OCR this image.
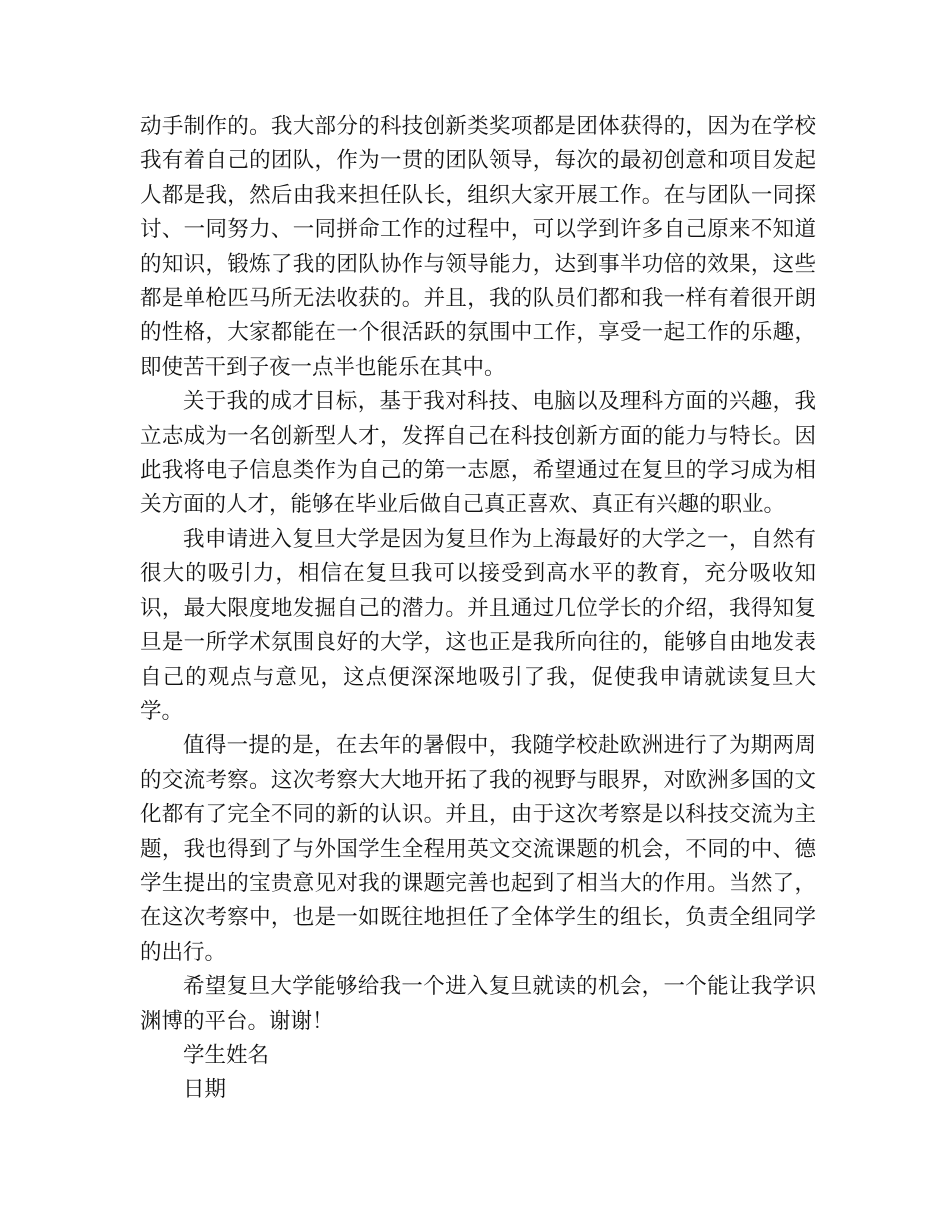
动手制作的。我大部分的科技创新类奖项都是团体获得的，因为在学校我有着自己的团队，作为一贯的团队领导，每次的最初创意和项目发起人都是我，然后由我来担任队长，组织大家开展工作。在与团队一同探讨、一同努力、一同拼命工作的过程中，可以学到许多自己原来不知道的知识，锻炼了我的团队协作与领导能力，达到事半功倍的效果，这些都是单枪匹马所无法收获的。并且，我的队员们都和我一样有着很开朗的性格，大家都能在一个很活跃的氛围中工作，享受一起工作的乐趣，即使苦干到子夜一点半也能乐在其中。

关于我的成才目标，基于我对科技、电脑以及理科方面的兴趣，我立志成为一名创新型人才，发挥自己在科技创新方面的能力与特长。因此我将电子信息类作为自己的第一志愿，希望通过在复旦的学习成为相关方面的人才，能够在毕业后做自己真正喜欢、真正有兴趣的职业。

我申请进入复旦大学是因为复旦作为上海最好的大学之一，自然有很大的吸引力，相信在复旦我可以接受到高水平的教育，充分吸收知识，最大限度地发掘自己的潜力。并且通过几位学长的介绍，我得知复旦是一所学术氛围良好的大学，这也正是我所向往的，能够自由地发表自己的观点与意见，这点便深深地吸引了我，促使我申请就读复旦大学。

值得一提的是，在去年的暑假中，我随学校赴欧洲进行了为期两周的交流考察。这次考察大大地开拓了我的视野与眼界，对欧洲多国的文化都有了完全不同的新的认识。并且，由于这次考察是以科技交流为主题，我也得到了与外国学生全程用英文交流课题的机会，不同的中、德学生提出的宝贵意见对我的课题完善也起到了相当大的作用。当然了，在这次考察中，也是一如既往地担任了全体学生的组长，负责全组同学的出行。

希望复旦大学能够给我一个进入复旦就读的机会，一个能让我学识渊博的平台。谢谢！

学生姓名

日期
